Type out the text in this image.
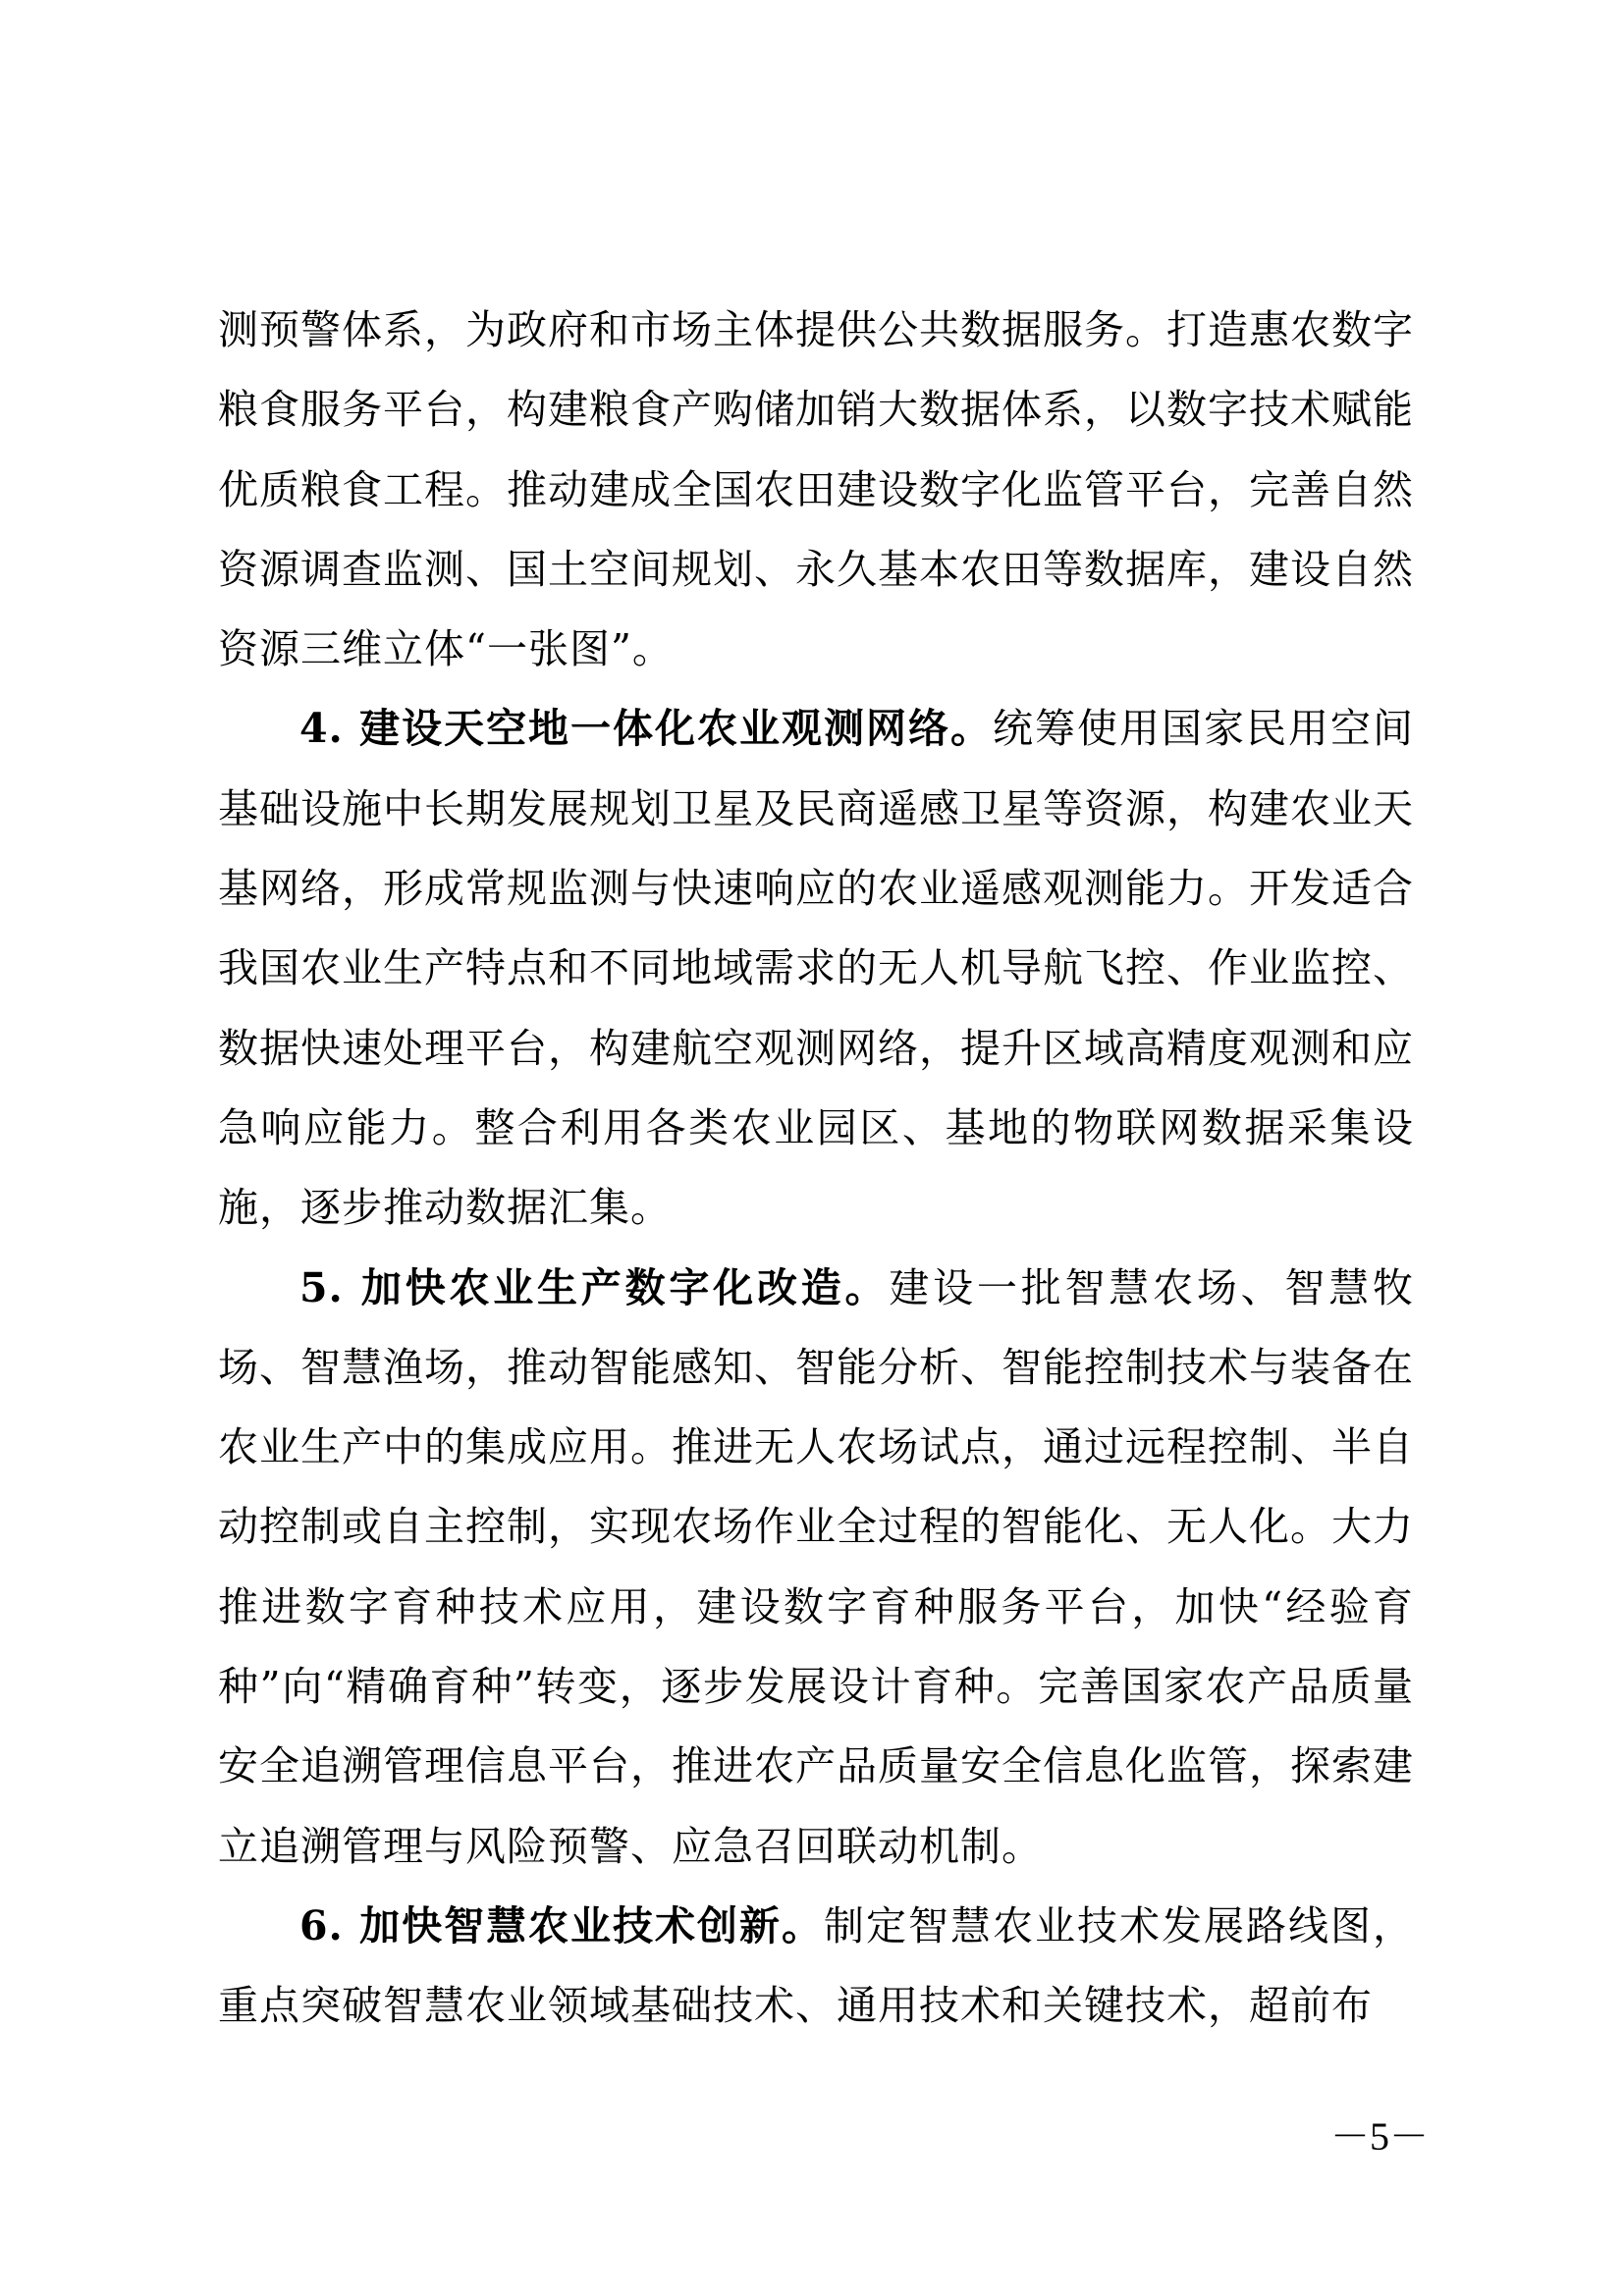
测预警体系，为政府和市场主体提供公共数据服务。打造惠农数字粮食服务平台，构建粮食产购储加销大数据体系，以数字技术赋能优质粮食工程。推动建成全国农田建设数字化监管平台，完善自然资源调查监测、国土空间规划、永久基本农田等数据库，建设自然资源三维立体“一张图”。

4. 建设天空地一体化农业观测网络。统筹使用国家民用空间基础设施中长期发展规划卫星及民商遥感卫星等资源，构建农业天基网络，形成常规监测与快速响应的农业遥感观测能力。开发适合我国农业生产特点和不同地域需求的无人机导航飞控、作业监控、数据快速处理平台，构建航空观测网络，提升区域高精度观测和应急响应能力。整合利用各类农业园区、基地的物联网数据采集设施，逐步推动数据汇集。

5. 加快农业生产数字化改造。建设一批智慧农场、智慧牧场、智慧渔场，推动智能感知、智能分析、智能控制技术与装备在农业生产中的集成应用。推进无人农场试点，通过远程控制、半自动控制或自主控制，实现农场作业全过程的智能化、无人化。大力推进数字育种技术应用，建设数字育种服务平台，加快“经验育种”向“精确育种”转变，逐步发展设计育种。完善国家农产品质量安全追溯管理信息平台，推进农产品质量安全信息化监管，探索建立追溯管理与风险预警、应急召回联动机制。

6. 加快智慧农业技术创新。制定智慧农业技术发展路线图，重点突破智慧农业领域基础技术、通用技术和关键技术，超前布

－5－
